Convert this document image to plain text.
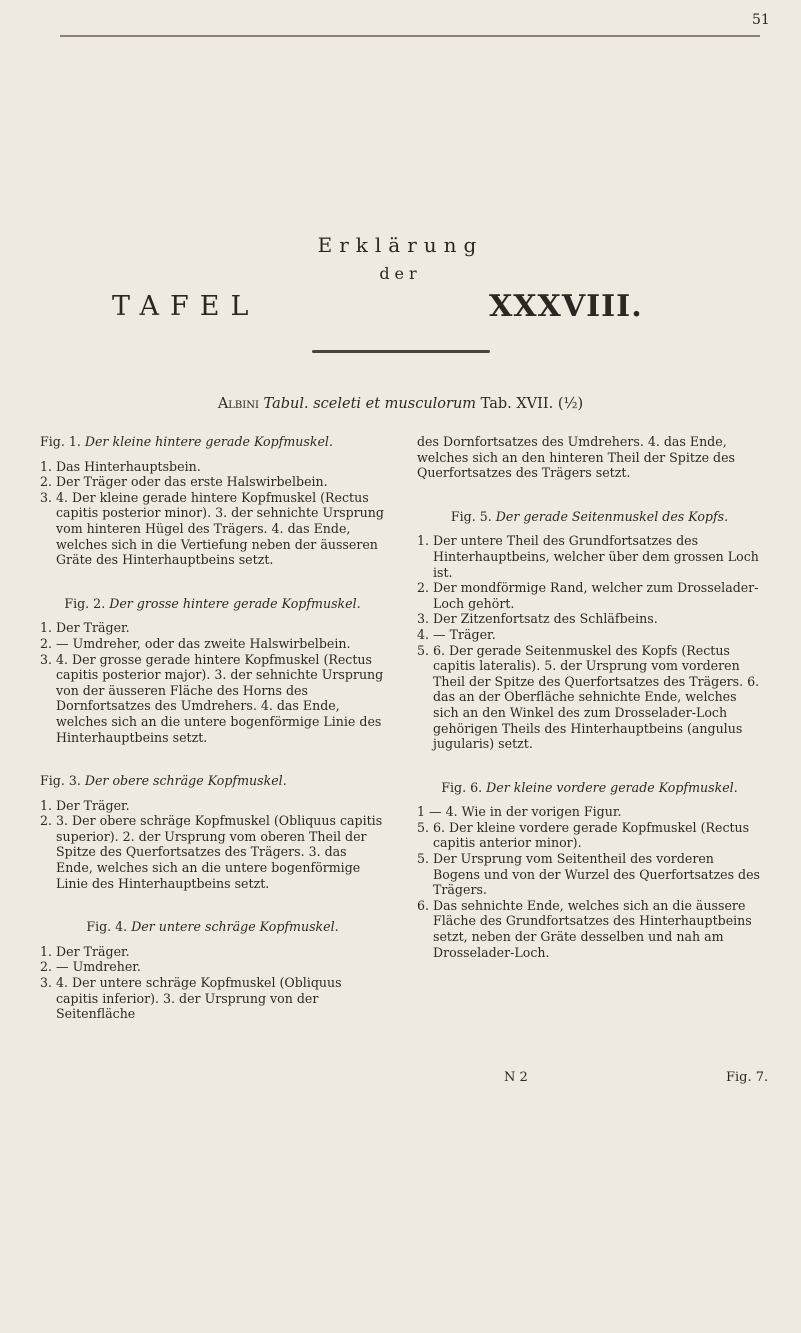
51
Erklärung
der
TAFEL	XXXVIII.
Albini Tabul. sceleti et musculorum Tab. XVII. (½)
Fig. 1. Der kleine hintere gerade Kopfmuskel.

1. Das Hinterhauptsbein.

2. Der Träger oder das erste Halswirbelbein.

3. 4. Der kleine gerade hintere Kopfmuskel (Rectus capitis posterior minor). 3. der sehnichte Ursprung vom hinteren Hügel des Trägers. 4. das Ende, welches sich in die Vertiefung neben der äusseren Gräte des Hinterhauptbeins setzt.

Fig. 2. Der grosse hintere gerade Kopfmuskel.

1. Der Träger.

2. — Umdreher, oder das zweite Halswirbelbein.

3. 4. Der grosse gerade hintere Kopfmuskel (Rectus capitis posterior major). 3. der sehnichte Ursprung von der äusseren Fläche des Horns des Dornfortsatzes des Umdrehers. 4. das Ende, welches sich an die untere bogenförmige Linie des Hinterhauptbeins setzt.

Fig. 3. Der obere schräge Kopfmuskel.

1. Der Träger.

2. 3. Der obere schräge Kopfmuskel (Obliquus capitis superior). 2. der Ursprung vom oberen Theil der Spitze des Querfortsatzes des Trägers. 3. das Ende, welches sich an die untere bogenförmige Linie des Hinterhauptbeins setzt.

Fig. 4. Der untere schräge Kopfmuskel.

1. Der Träger.

2. — Umdreher.

3. 4. Der untere schräge Kopfmuskel (Obliquus capitis inferior). 3. der Ursprung von der Seitenfläche

des Dornfortsatzes des Umdrehers. 4. das Ende, welches sich an den hinteren Theil der Spitze des Querfortsatzes des Trägers setzt.

Fig. 5. Der gerade Seitenmuskel des Kopfs.

1. Der untere Theil des Grundfortsatzes des Hinterhauptbeins, welcher über dem grossen Loch ist.

2. Der mondförmige Rand, welcher zum Drosselader-Loch gehört.

3. Der Zitzenfortsatz des Schläfbeins.

4. — Träger.

5. 6. Der gerade Seitenmuskel des Kopfs (Rectus capitis lateralis). 5. der Ursprung vom vorderen Theil der Spitze des Querfortsatzes des Trägers. 6. das an der Oberfläche sehnichte Ende, welches sich an den Winkel des zum Drosselader-Loch gehörigen Theils des Hinterhauptbeins (angulus jugularis) setzt.

Fig. 6. Der kleine vordere gerade Kopfmuskel.

1 — 4. Wie in der vorigen Figur.

5. 6. Der kleine vordere gerade Kopfmuskel (Rectus capitis anterior minor).

5. Der Ursprung vom Seitentheil des vorderen Bogens und von der Wurzel des Querfortsatzes des Trägers.

6. Das sehnichte Ende, welches sich an die äussere Fläche des Grundfortsatzes des Hinterhauptbeins setzt, neben der Gräte desselben und nah am Drosselader-Loch.

N 2	Fig. 7.
